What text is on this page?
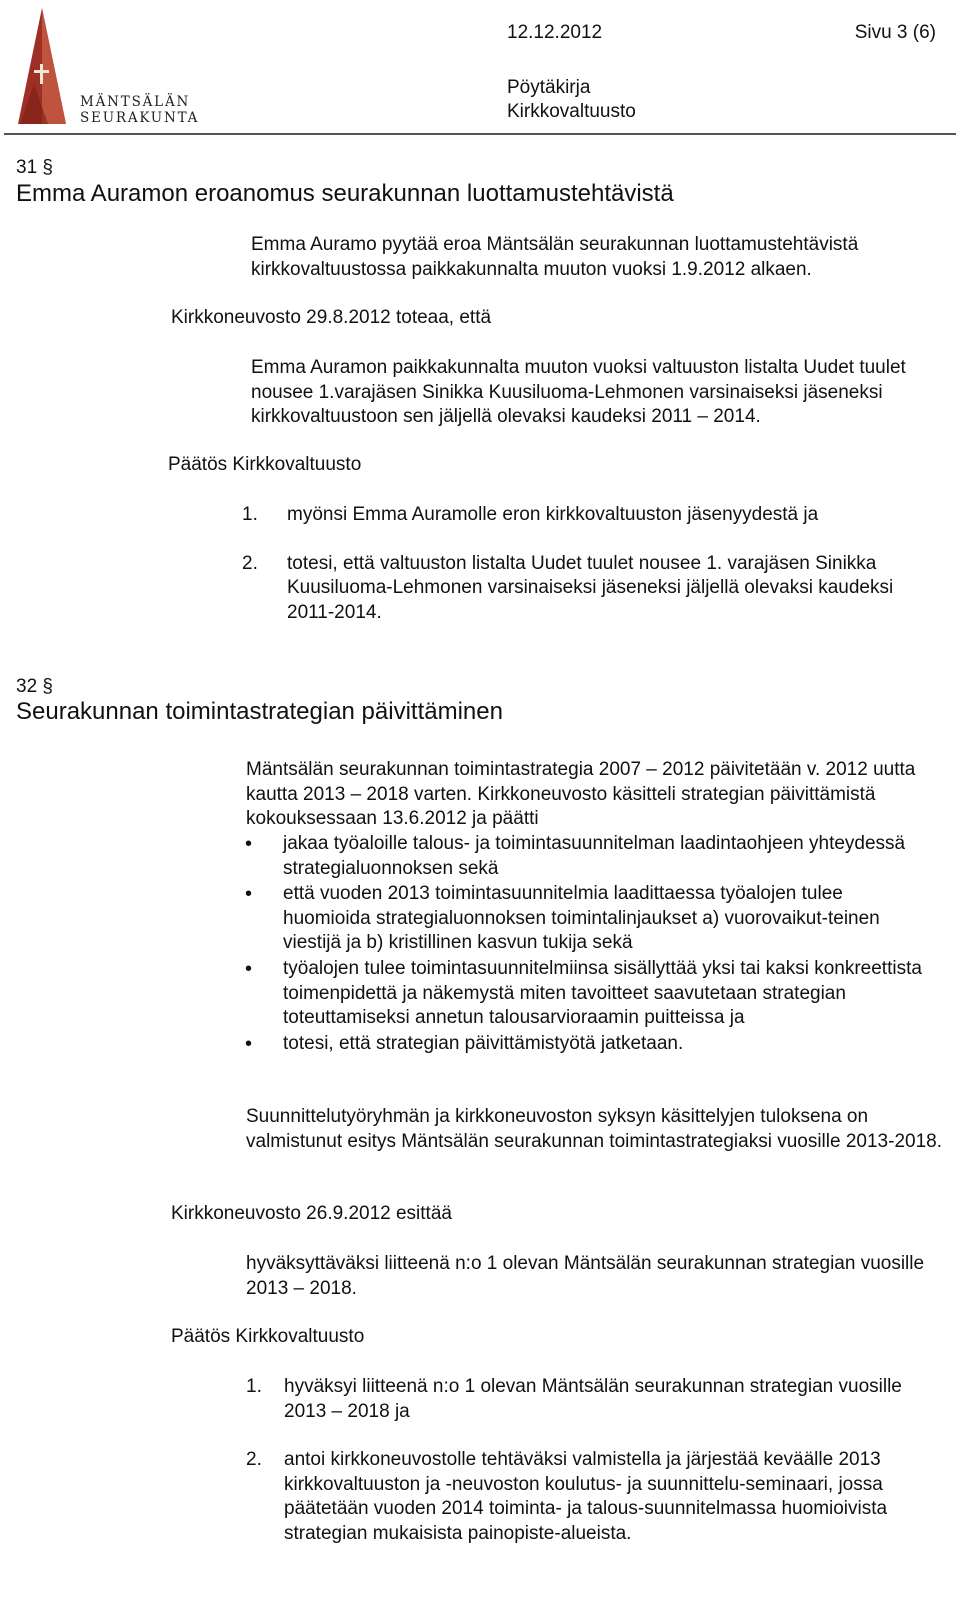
MÄNTSÄLÄN
SEURAKUNTA
12.12.2012	Sivu 3 (6)
Pöytäkirja
Kirkkovaltuusto
31 §
Emma Auramon eroanomus seurakunnan luottamustehtävistä

Emma Auramo pyytää eroa Mäntsälän seurakunnan luottamustehtävistä kirkkovaltuustossa paikkakunnalta muuton vuoksi 1.9.2012 alkaen.

Kirkkoneuvosto 29.8.2012 toteaa, että

Emma Auramon paikkakunnalta muuton vuoksi valtuuston listalta Uudet tuulet nousee 1.varajäsen Sinikka Kuusiluoma-Lehmonen varsinaiseksi jäseneksi kirkkovaltuustoon sen jäljellä olevaksi kaudeksi 2011 – 2014.

Päätös Kirkkovaltuusto
1. myönsi Emma Auramolle eron kirkkovaltuuston jäsenyydestä ja
2. totesi, että valtuuston listalta Uudet tuulet nousee 1. varajäsen Sinikka Kuusiluoma-Lehmonen varsinaiseksi jäseneksi jäljellä olevaksi kaudeksi 2011-2014.
32 §
Seurakunnan toimintastrategian päivittäminen

Mäntsälän seurakunnan toimintastrategia 2007 – 2012 päivitetään v. 2012 uutta kautta 2013 – 2018 varten. Kirkkoneuvosto käsitteli strategian päivittämistä kokouksessaan 13.6.2012 ja päätti

• jakaa työaloille talous- ja toimintasuunnitelman laadintaohjeen yhteydessä strategialuonnoksen sekä
• että vuoden 2013 toimintasuunnitelmia laadittaessa työalojen tulee huomioida strategialuonnoksen toimintalinjaukset a) vuorovaikut-teinen viestijä ja b) kristillinen kasvun tukija sekä
• työalojen tulee toimintasuunnitelmiinsa sisällyttää yksi tai kaksi konkreettista toimenpidettä ja näkemystä miten tavoitteet saavutetaan strategian toteuttamiseksi annetun talousarvioraamin puitteissa ja
• totesi, että strategian päivittämistyötä jatketaan.

Suunnittelutyöryhmän ja kirkkoneuvoston syksyn käsittelyjen tuloksena on valmistunut esitys Mäntsälän seurakunnan toimintastrategiaksi vuosille 2013-2018.

Kirkkoneuvosto 26.9.2012 esittää

hyväksyttäväksi liitteenä n:o 1 olevan Mäntsälän seurakunnan strategian vuosille 2013 – 2018.

Päätös Kirkkovaltuusto
1. hyväksyi liitteenä n:o 1 olevan Mäntsälän seurakunnan strategian vuosille 2013 – 2018 ja
2. antoi kirkkoneuvostolle tehtäväksi valmistella ja järjestää keväälle 2013 kirkkovaltuuston ja -neuvoston koulutus- ja suunnittelu-seminaari, jossa päätetään vuoden 2014 toiminta- ja talous-suunnitelmassa huomioivista strategian mukaisista painopiste-alueista.
